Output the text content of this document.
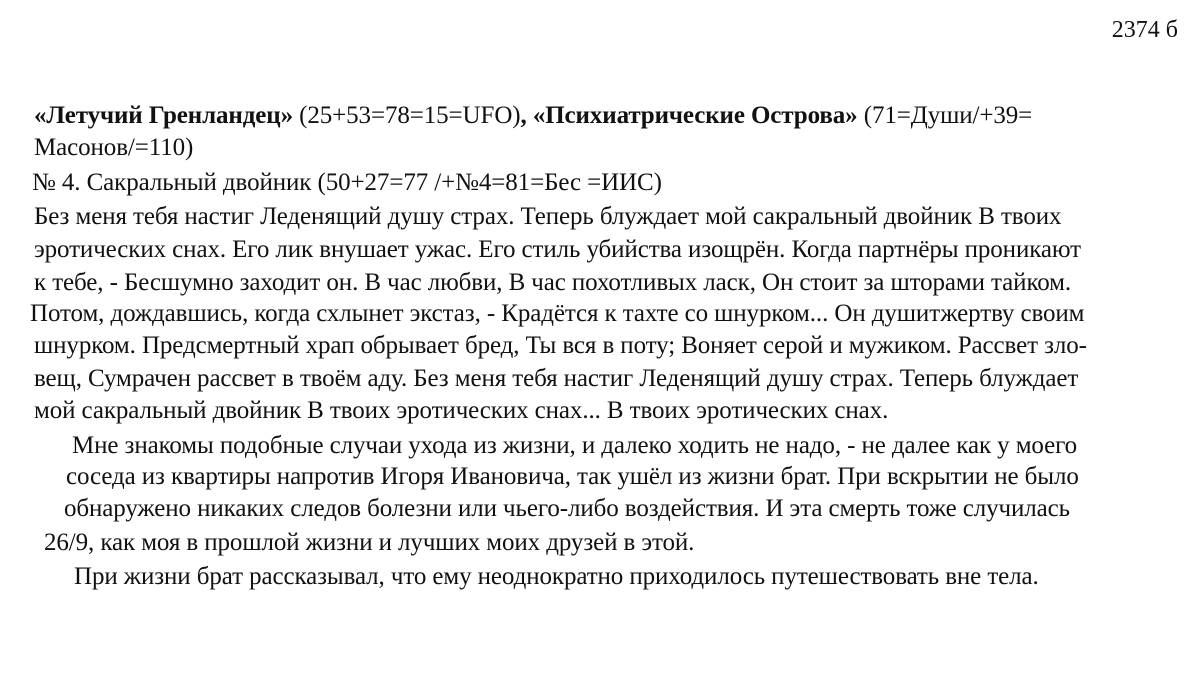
2374 б
«Летучий Гренландец» (25+53=78=15=UFO), «Психиатрические Острова» (71=Души/+39=
Масонов/=110)
№ 4. Сакральный двойник (50+27=77 /+№4=81=Бес =ИИС)
Без меня тебя настиг Леденящий душу страх. Теперь блуждает мой сакральный двойник В твоих
эротических снах. Его лик внушает ужас. Его стиль убийства изощрён. Когда партнёры проникают
к тебе, - Бесшумно заходит он. В час любви, В час похотливых ласк, Он стоит за шторами тайком.
Потом, дождавшись, когда схлынет экстаз, - Крадётся к тахте со шнурком... Он душитжертву своим
шнурком. Предсмертный храп обрывает бред, Ты вся в поту; Воняет серой и мужиком. Рассвет зло-
вещ, Сумрачен рассвет в твоём аду. Без меня тебя настиг Леденящий душу страх. Теперь блуждает
мой сакральный двойник В твоих эротических снах... В твоих эротических снах.
Мне знакомы подобные случаи ухода из жизни, и далеко ходить не надо, - не далее как у моего
соседа из квартиры напротив Игоря Ивановича, так ушёл из жизни брат. При вскрытии не было
обнаружено никаких следов болезни или чьего-либо воздействия. И эта смерть тоже случилась
26/9, как моя в прошлой жизни и лучших моих друзей в этой.
При жизни брат рассказывал, что ему неоднократно приходилось путешествовать вне тела.
